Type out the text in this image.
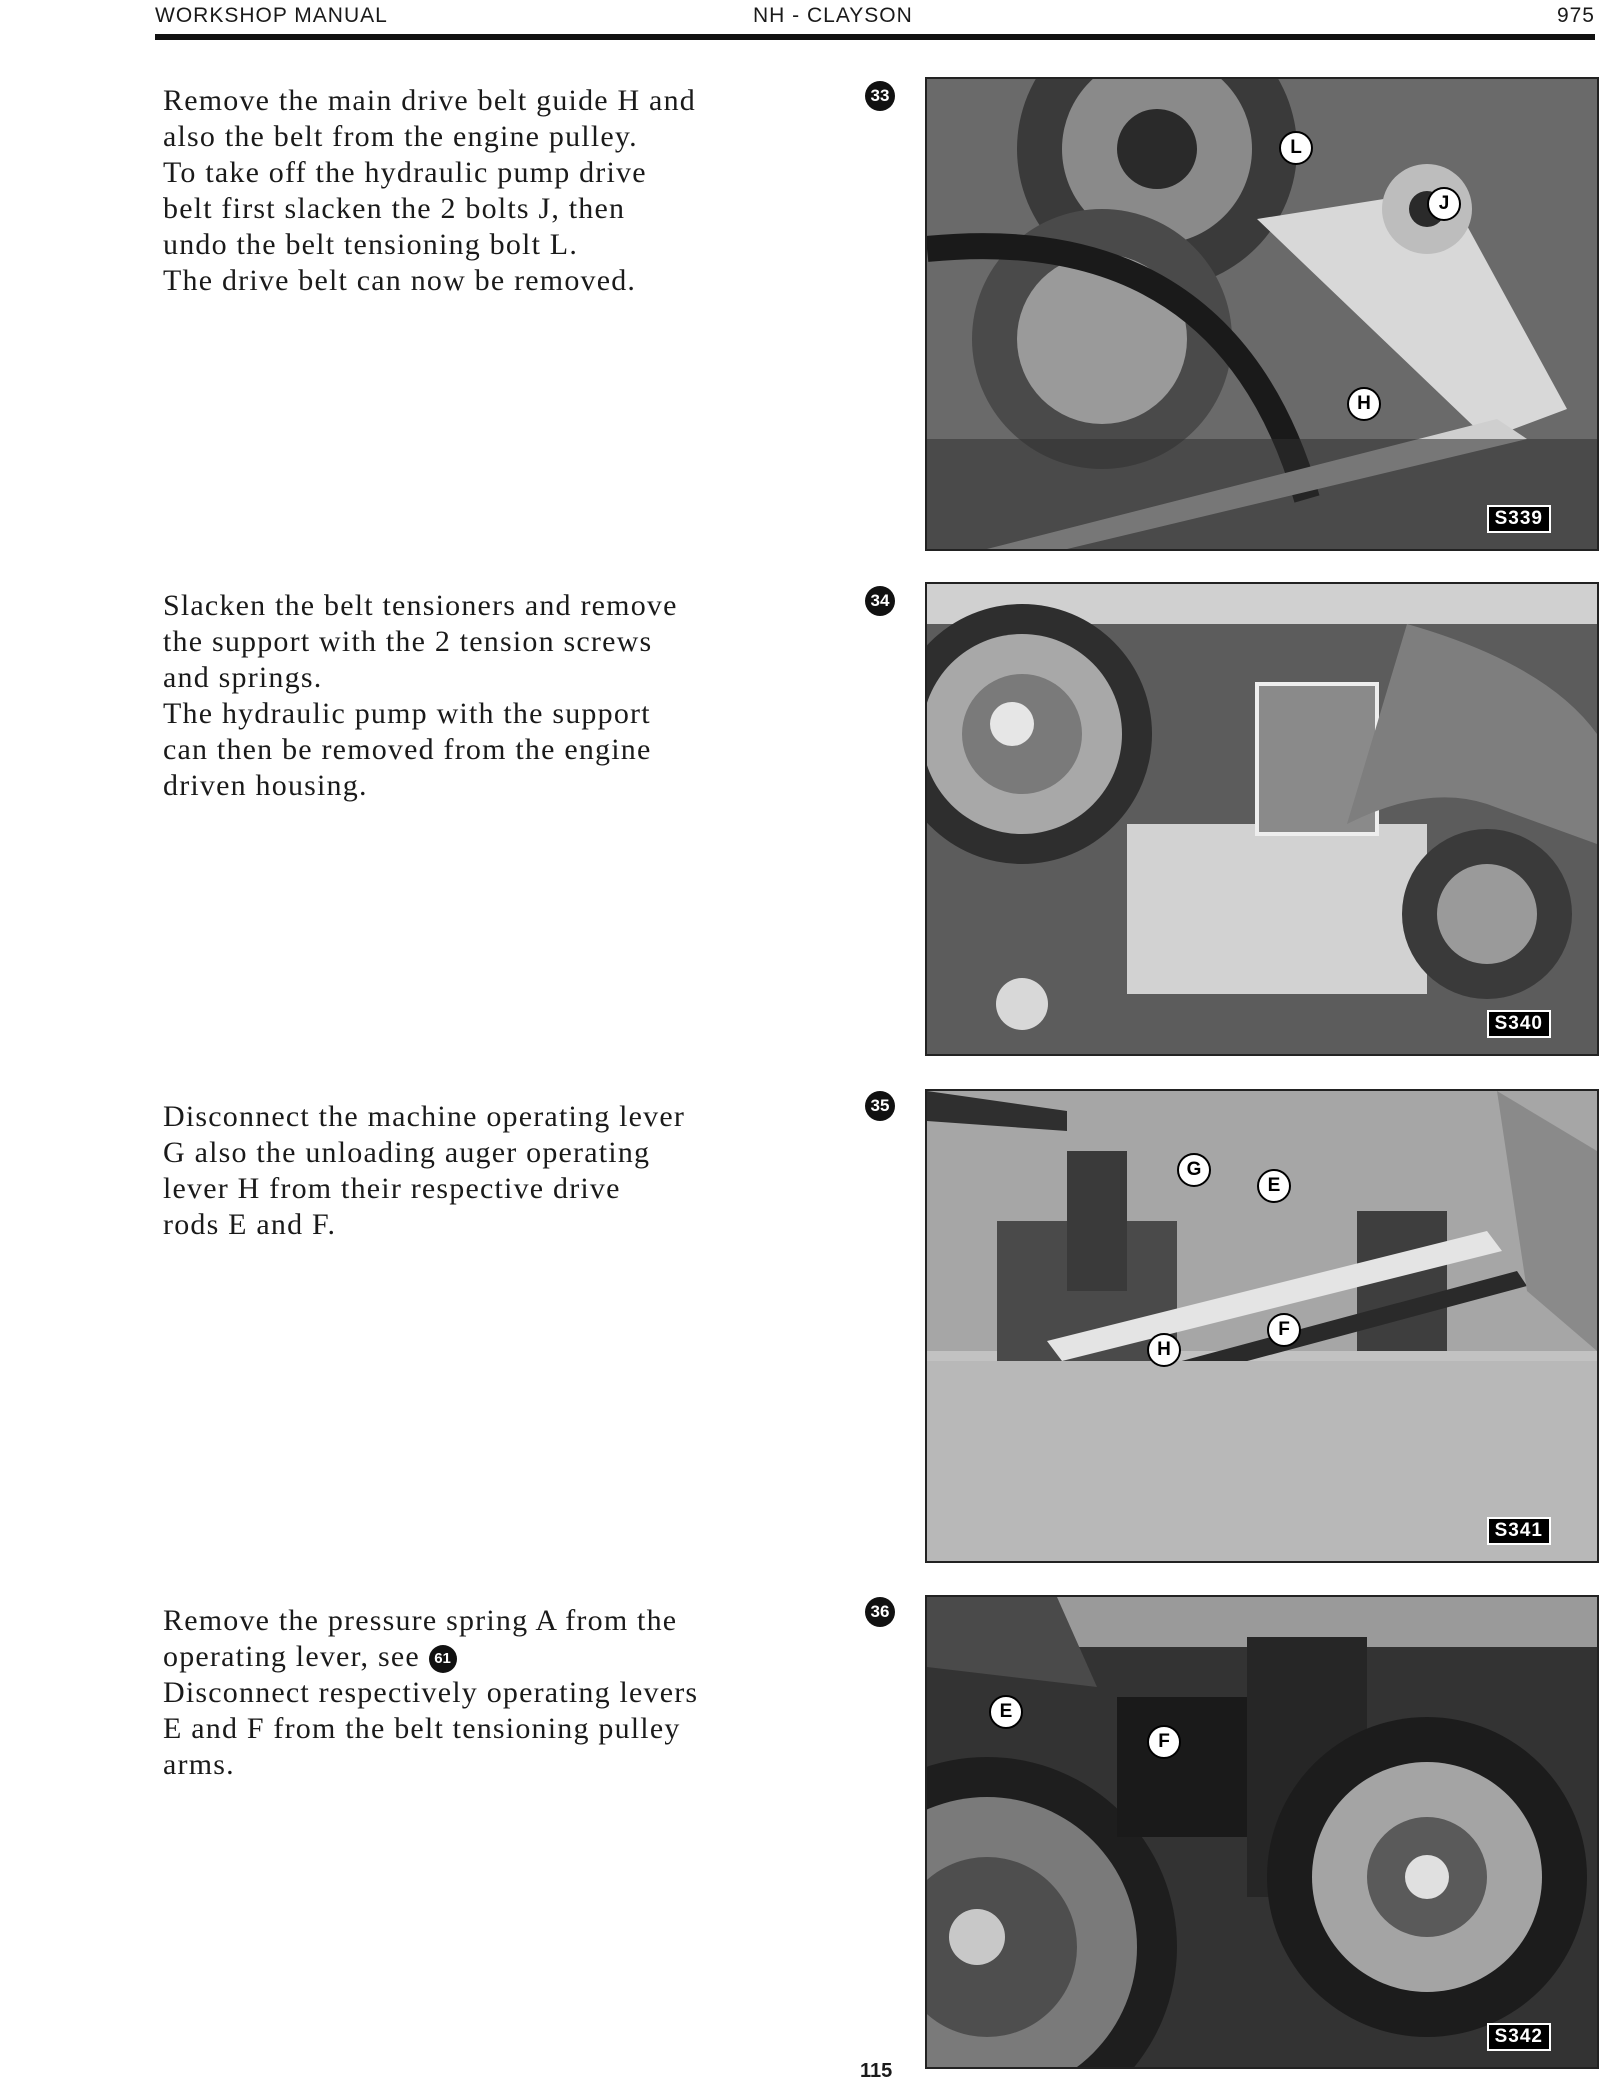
WORKSHOP MANUAL	NH - CLAYSON	975

Remove the main drive belt guide H and

also the belt from the engine pulley.

To take off the hydraulic pump drive

belt first slacken the 2 bolts J, then

undo the belt tensioning bolt L.

The drive belt can now be removed.

33
L
J
H
S339

Slacken the belt tensioners and remove

the support with the 2 tension screws

and springs.

The hydraulic pump with the support

can then be removed from the engine

driven housing.

34
S340

Disconnect the machine operating lever

G also the unloading auger operating

lever H from their respective drive

rods E and F.

35
G
E
H
F
S341

Remove the pressure spring A from the

operating lever, see 61

Disconnect respectively operating levers

E and F from the belt tensioning pulley

arms.

36
E
F
S342
115
